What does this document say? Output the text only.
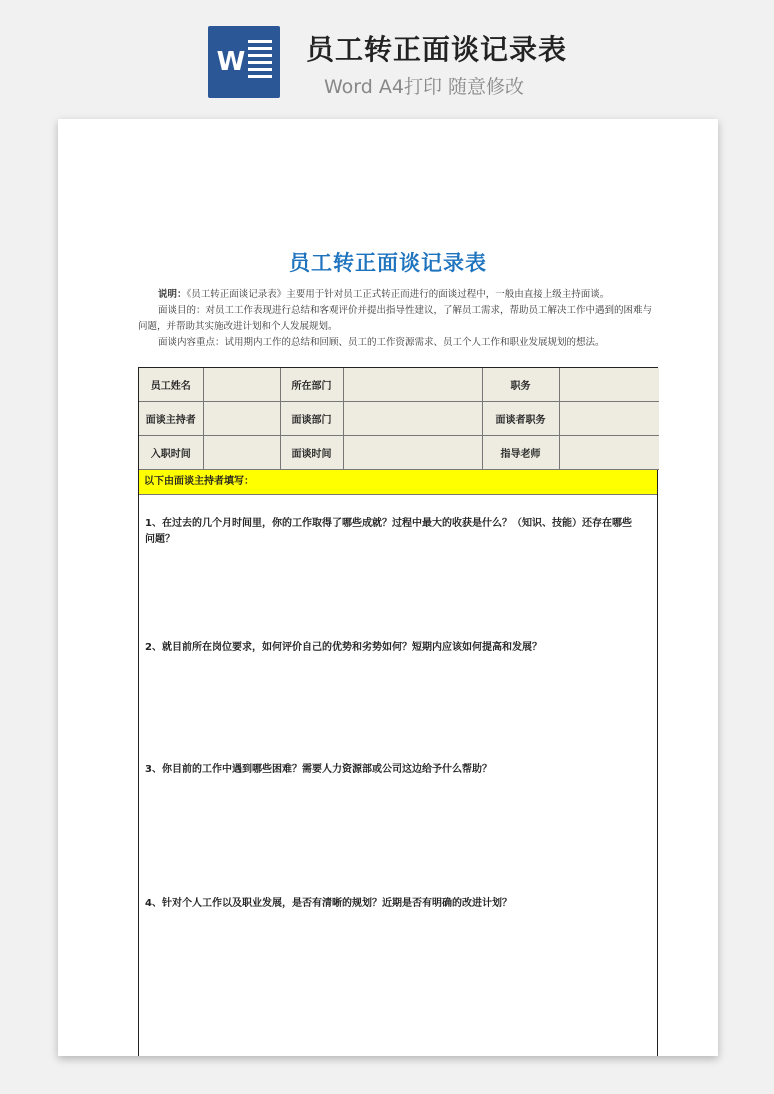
W 员工转正面谈记录表
Word A4打印 随意修改
员工转正面谈记录表

说明：《员工转正面谈记录表》主要用于针对员工正式转正而进行的面谈过程中，一般由直接上级主持面谈。

面谈目的：对员工工作表现进行总结和客观评价并提出指导性建议，了解员工需求，帮助员工解决工作中遇到的困难与问题，并帮助其实施改进计划和个人发展规划。

面谈内容重点：试用期内工作的总结和回顾、员工的工作资源需求、员工个人工作和职业发展规划的想法。

员工姓名		所在部门		职务	
面谈主持者		面谈部门		面谈者职务	
入职时间		面谈时间		指导老师	
以下由面谈主持者填写：
1、在过去的几个月时间里，你的工作取得了哪些成就？过程中最大的收获是什么？（知识、技能）还存在哪些问题？
2、就目前所在岗位要求，如何评价自己的优势和劣势如何？短期内应该如何提高和发展？
3、你目前的工作中遇到哪些困难？需要人力资源部或公司这边给予什么帮助？
4、针对个人工作以及职业发展，是否有清晰的规划？近期是否有明确的改进计划？
